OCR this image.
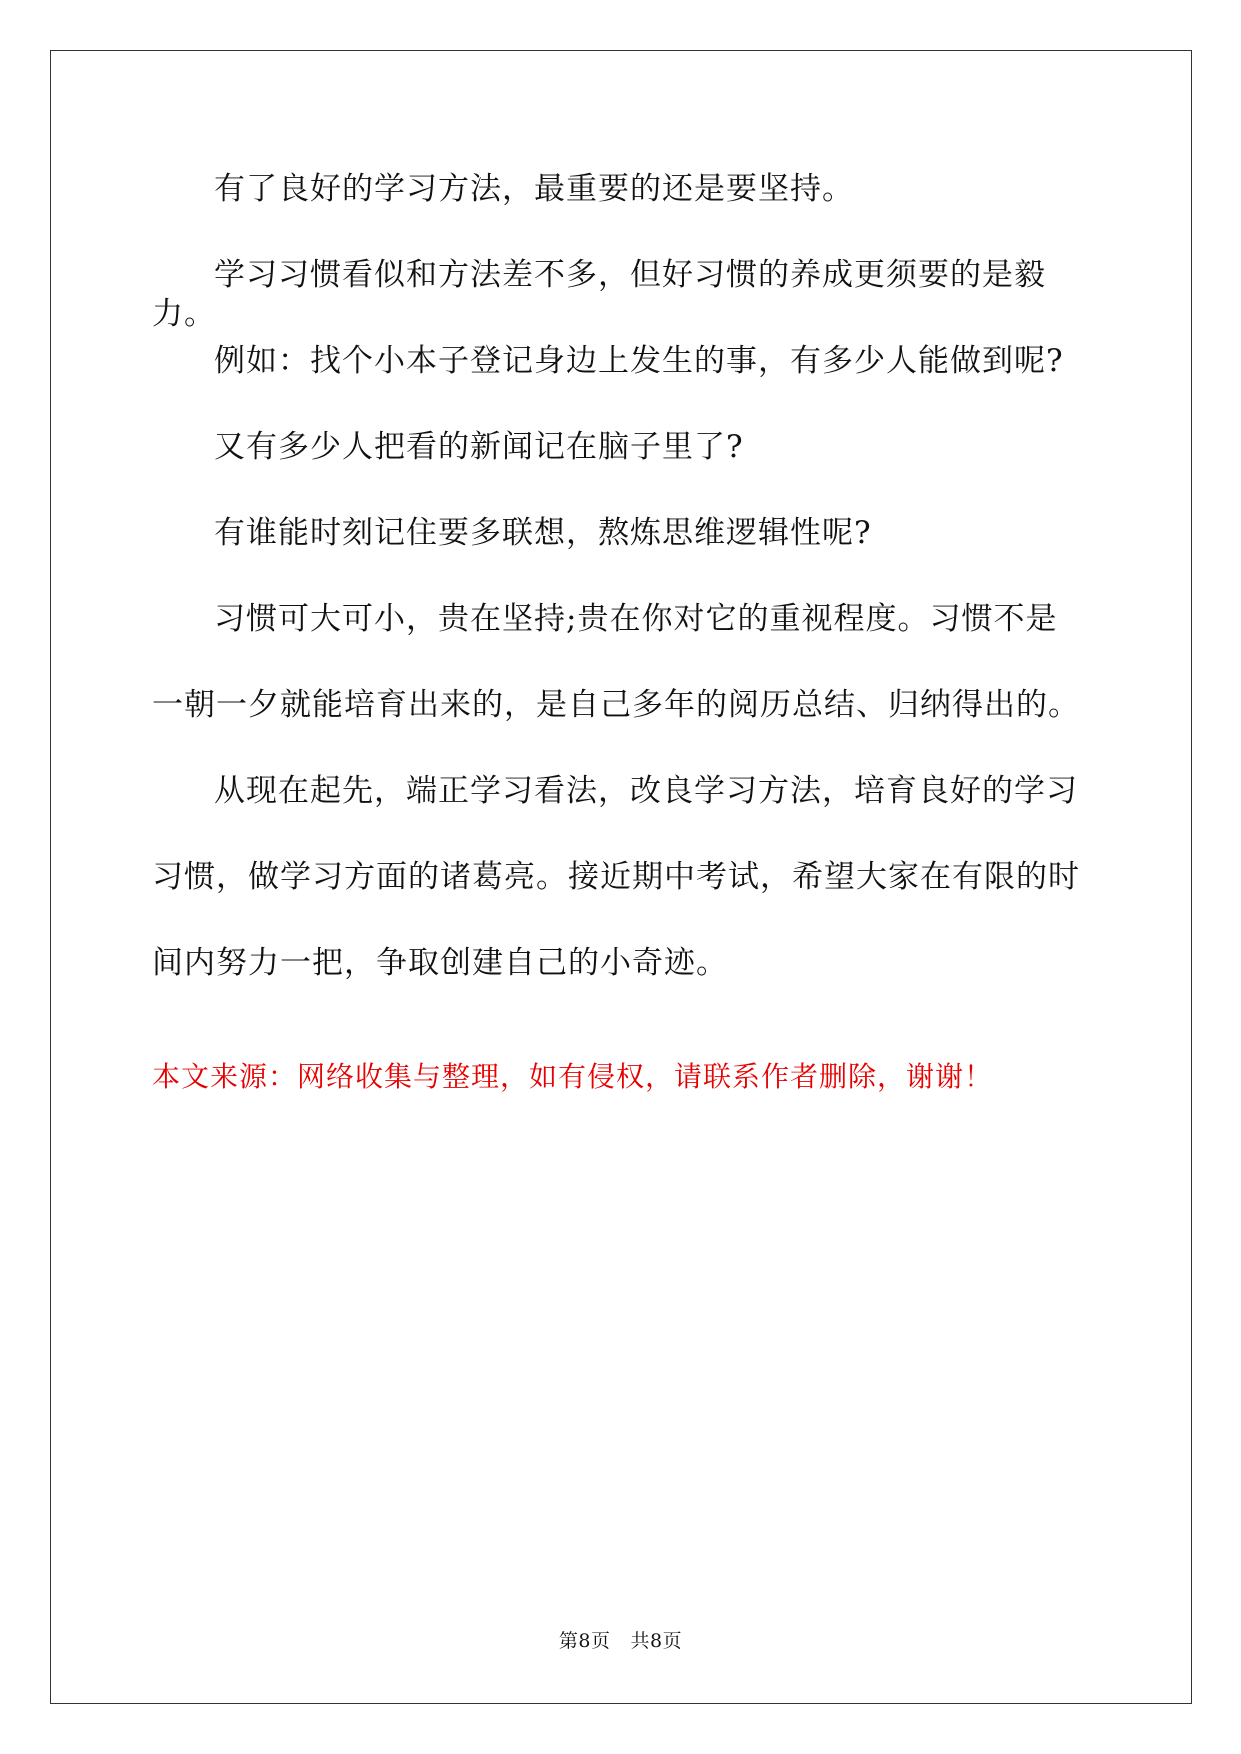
有了良好的学习方法，最重要的还是要坚持。

学习习惯看似和方法差不多，但好习惯的养成更须要的是毅力。

例如：找个小本子登记身边上发生的事，有多少人能做到呢?

又有多少人把看的新闻记在脑子里了?

有谁能时刻记住要多联想，熬炼思维逻辑性呢?

习惯可大可小，贵在坚持;贵在你对它的重视程度。习惯不是一朝一夕就能培育出来的，是自己多年的阅历总结、归纳得出的。

从现在起先，端正学习看法，改良学习方法，培育良好的学习习惯，做学习方面的诸葛亮。接近期中考试，希望大家在有限的时间内努力一把，争取创建自己的小奇迹。

本文来源：网络收集与整理，如有侵权，请联系作者删除，谢谢！

第8页 共8页
